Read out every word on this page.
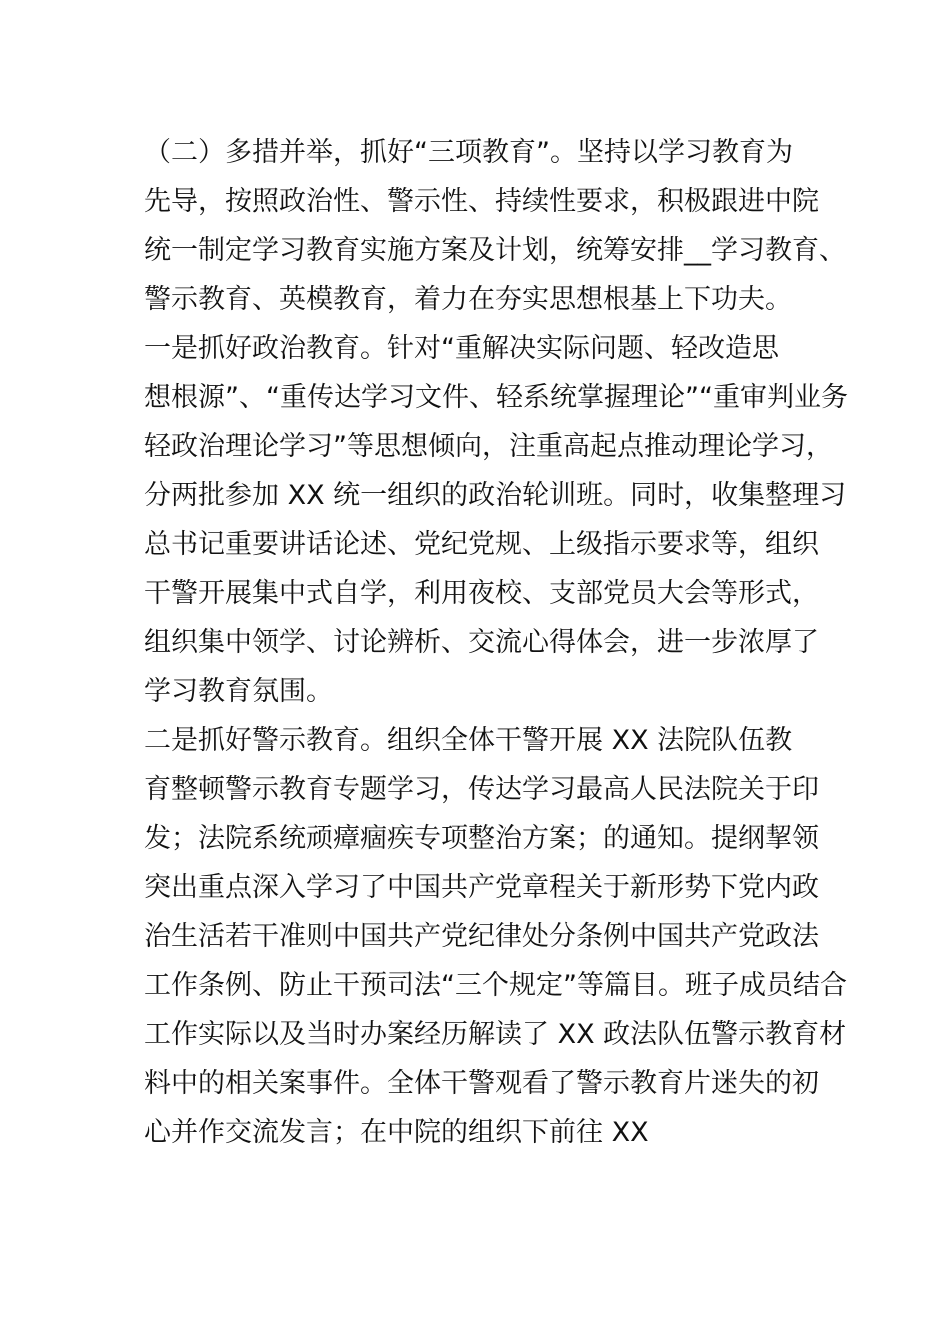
（二）多措并举，抓好“三项教育”。坚持以学习教育为
先导，按照政治性、警示性、持续性要求，积极跟进中院
统一制定学习教育实施方案及计划，统筹安排__学习教育、
警示教育、英模教育，着力在夯实思想根基上下功夫。
一是抓好政治教育。针对“重解决实际问题、轻改造思
想根源”、“重传达学习文件、轻系统掌握理论”“重审判业务
轻政治理论学习”等思想倾向，注重高起点推动理论学习，
分两批参加 XX 统一组织的政治轮训班。同时，收集整理习
总书记重要讲话论述、党纪党规、上级指示要求等，组织
干警开展集中式自学，利用夜校、支部党员大会等形式，
组织集中领学、讨论辨析、交流心得体会，进一步浓厚了
学习教育氛围。
二是抓好警示教育。组织全体干警开展 XX 法院队伍教
育整顿警示教育专题学习，传达学习最高人民法院关于印
发；法院系统顽瘴痼疾专项整治方案；的通知。提纲挈领
突出重点深入学习了中国共产党章程关于新形势下党内政
治生活若干准则中国共产党纪律处分条例中国共产党政法
工作条例、防止干预司法“三个规定”等篇目。班子成员结合
工作实际以及当时办案经历解读了 XX 政法队伍警示教育材
料中的相关案事件。全体干警观看了警示教育片迷失的初
心并作交流发言；在中院的组织下前往 XX
